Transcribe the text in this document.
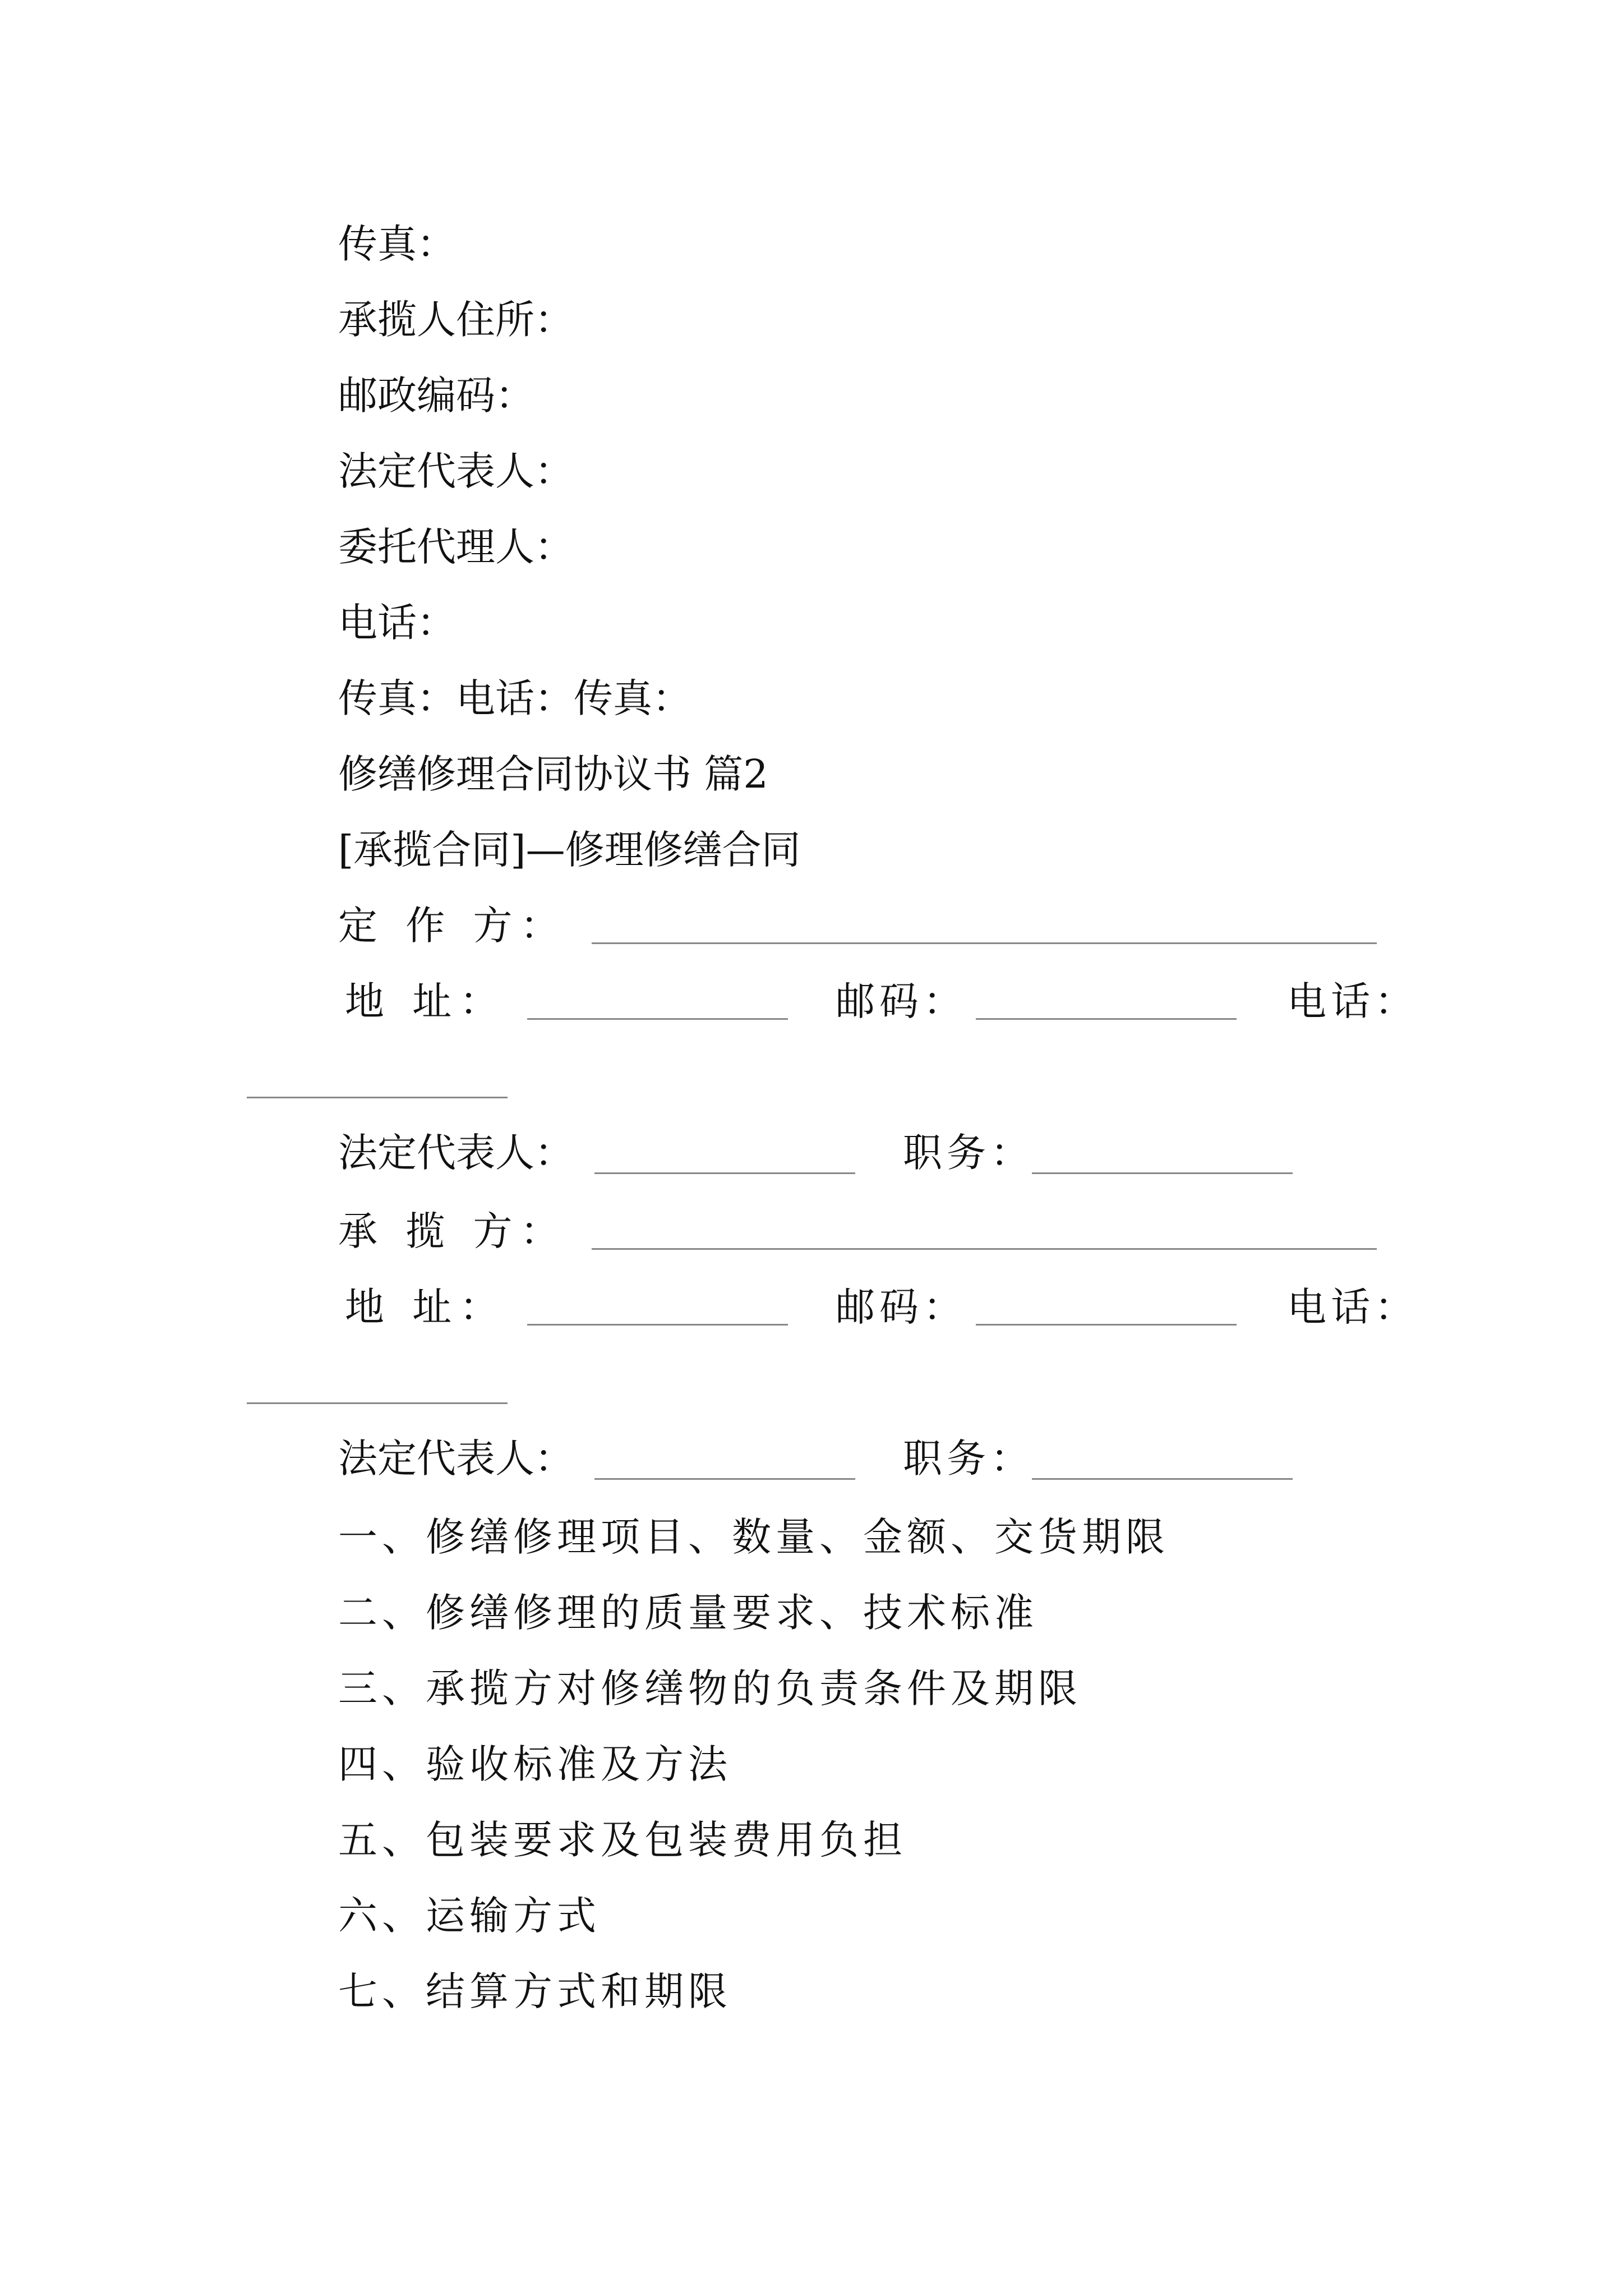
传真：
承揽人住所：
邮政编码：
法定代表人：
委托代理人：
电话：
传真：电话：传真：
修缮修理合同协议书 篇2
[承揽合同]—修理修缮合同
定 作 方：
地 址：	邮码：	电话：
法定代表人：	职务：
承 揽 方：
地 址：	邮码：	电话：
法定代表人：	职务：
一、修缮修理项目、数量、金额、交货期限
二、修缮修理的质量要求、技术标准
三、承揽方对修缮物的负责条件及期限
四、验收标准及方法
五、包装要求及包装费用负担
六、运输方式
七、结算方式和期限
